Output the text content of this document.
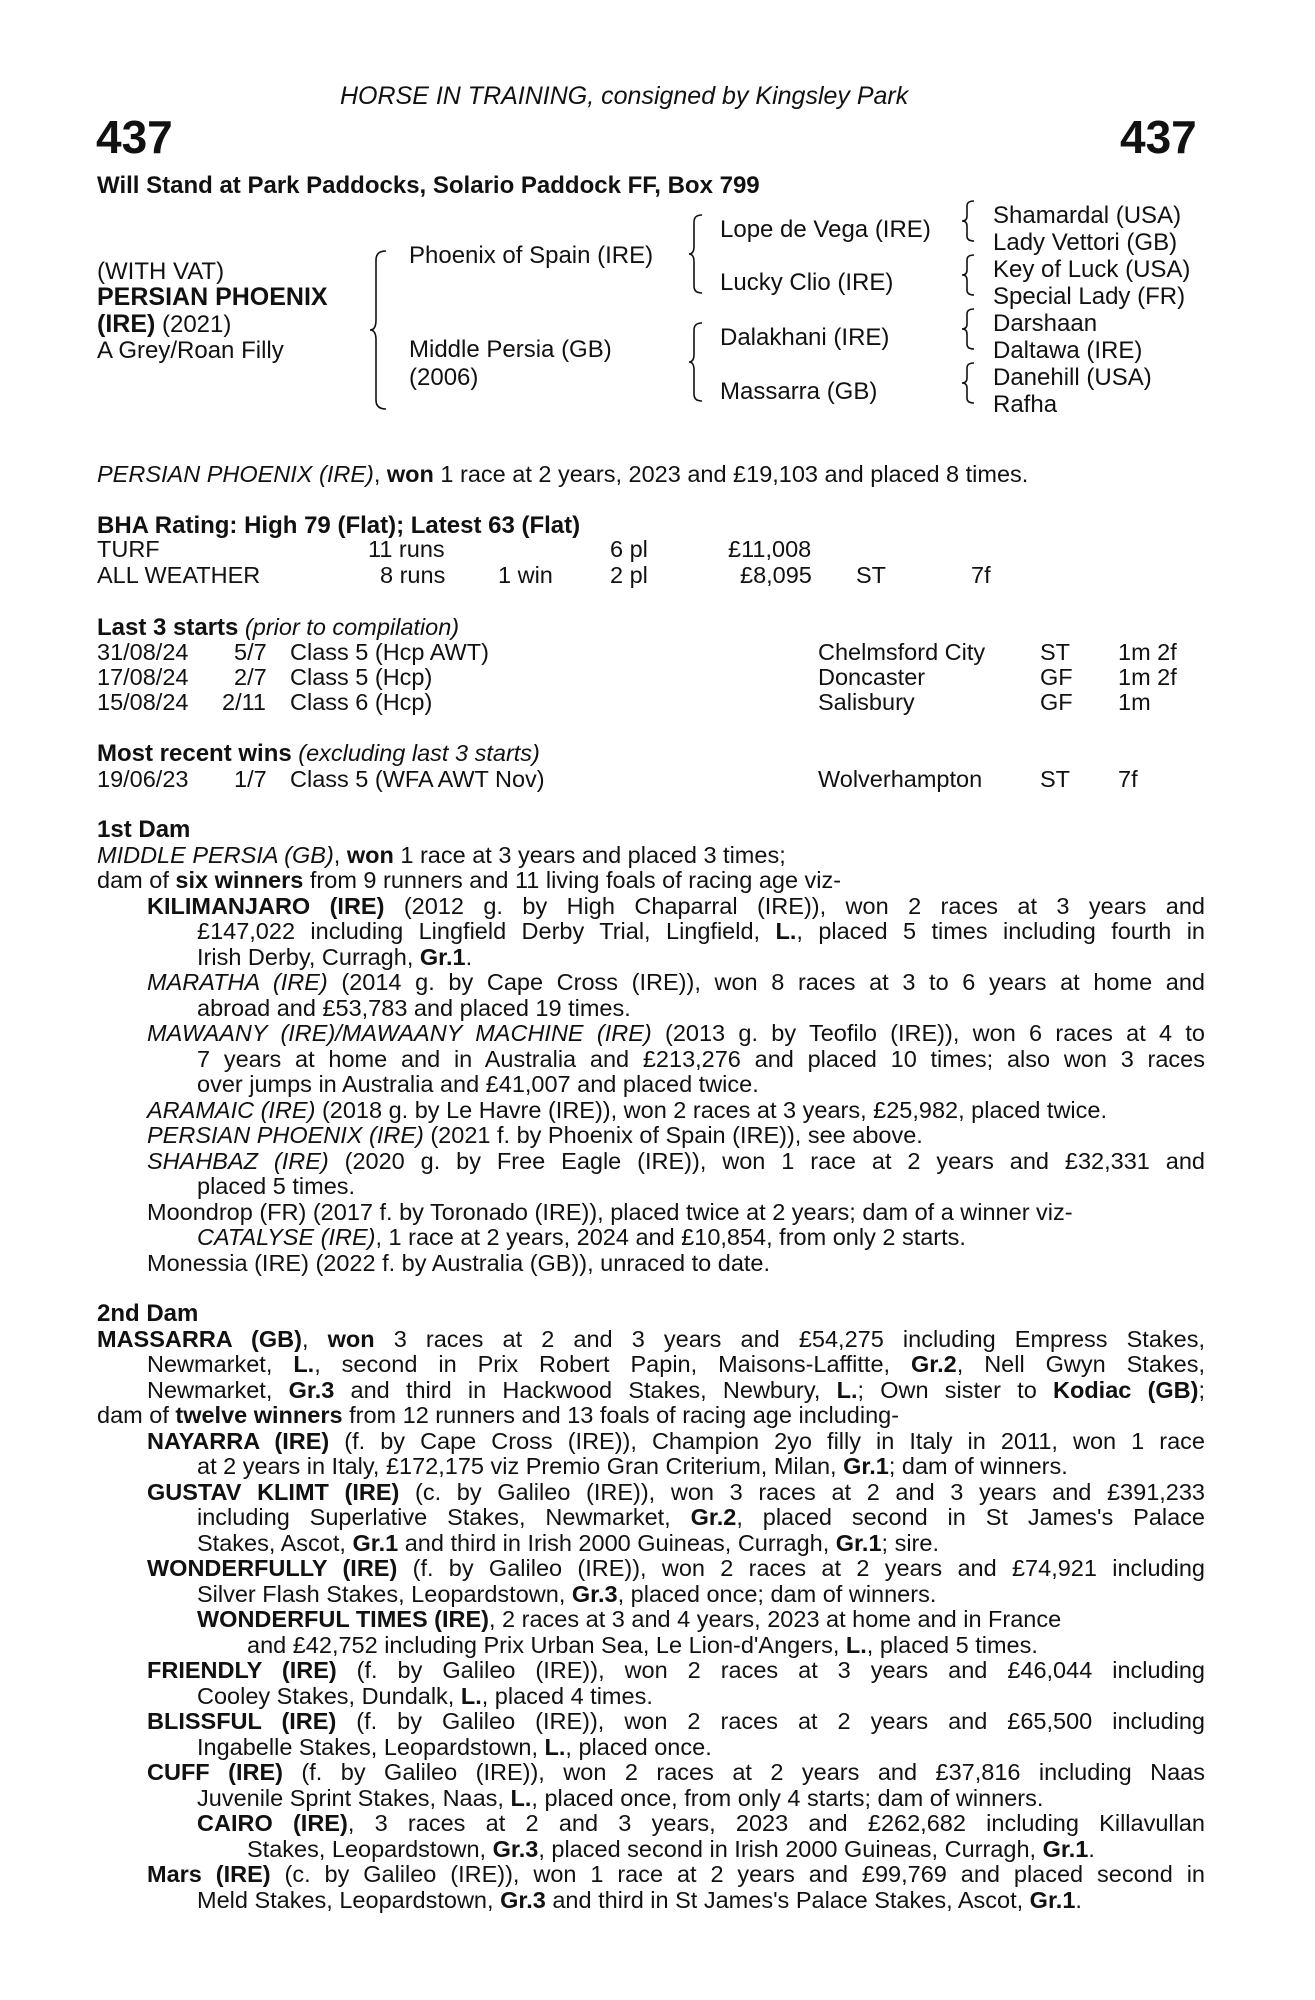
HORSE IN TRAINING, consigned by Kingsley Park
437	437
Will Stand at Park Paddocks, Solario Paddock FF, Box 799
(WITH VAT)
PERSIAN PHOENIX
(IRE) (2021)
A Grey/Roan Filly
Phoenix of Spain (IRE)
Middle Persia (GB)
(2006)
Lope de Vega (IRE)
Lucky Clio (IRE)
Dalakhani (IRE)
Massarra (GB)
Shamardal (USA)
Lady Vettori (GB)
Key of Luck (USA)
Special Lady (FR)
Darshaan
Daltawa (IRE)
Danehill (USA)
Rafha
PERSIAN PHOENIX (IRE), won 1 race at 2 years, 2023 and £19,103 and placed 8 times.
BHA Rating: High 79 (Flat); Latest 63 (Flat)
TURF	11 runs	6 pl	£11,008
ALL WEATHER	8 runs 1 win 2 pl	£8,095 ST	7f
Last 3 starts (prior to compilation)
31/08/24 5/7 Class 5 (Hcp AWT)	Chelmsford City ST 1m 2f
17/08/24 2/7 Class 5 (Hcp)	Doncaster	GF 1m 2f
15/08/24 2/11 Class 6 (Hcp)	Salisbury	GF 1m
Most recent wins (excluding last 3 starts)
19/06/23 1/7 Class 5 (WFA AWT Nov)	Wolverhampton ST 7f
1st Dam
MIDDLE PERSIA (GB), won 1 race at 3 years and placed 3 times;
dam of six winners from 9 runners and 11 living foals of racing age viz-
KILIMANJARO (IRE) (2012 g. by High Chaparral (IRE)), won 2 races at 3 years and
£147,022 including Lingfield Derby Trial, Lingfield, L., placed 5 times including fourth in
Irish Derby, Curragh, Gr.1.
MARATHA (IRE) (2014 g. by Cape Cross (IRE)), won 8 races at 3 to 6 years at home and
abroad and £53,783 and placed 19 times.
MAWAANY (IRE)/MAWAANY MACHINE (IRE) (2013 g. by Teofilo (IRE)), won 6 races at 4 to
7 years at home and in Australia and £213,276 and placed 10 times; also won 3 races
over jumps in Australia and £41,007 and placed twice.
ARAMAIC (IRE) (2018 g. by Le Havre (IRE)), won 2 races at 3 years, £25,982, placed twice.
PERSIAN PHOENIX (IRE) (2021 f. by Phoenix of Spain (IRE)), see above.
SHAHBAZ (IRE) (2020 g. by Free Eagle (IRE)), won 1 race at 2 years and £32,331 and
placed 5 times.
Moondrop (FR) (2017 f. by Toronado (IRE)), placed twice at 2 years; dam of a winner viz-
CATALYSE (IRE), 1 race at 2 years, 2024 and £10,854, from only 2 starts.
Monessia (IRE) (2022 f. by Australia (GB)), unraced to date.
2nd Dam
MASSARRA (GB), won 3 races at 2 and 3 years and £54,275 including Empress Stakes,
Newmarket, L., second in Prix Robert Papin, Maisons-Laffitte, Gr.2, Nell Gwyn Stakes,
Newmarket, Gr.3 and third in Hackwood Stakes, Newbury, L.; Own sister to Kodiac (GB);
dam of twelve winners from 12 runners and 13 foals of racing age including-
NAYARRA (IRE) (f. by Cape Cross (IRE)), Champion 2yo filly in Italy in 2011, won 1 race
at 2 years in Italy, £172,175 viz Premio Gran Criterium, Milan, Gr.1; dam of winners.
GUSTAV KLIMT (IRE) (c. by Galileo (IRE)), won 3 races at 2 and 3 years and £391,233
including Superlative Stakes, Newmarket, Gr.2, placed second in St James's Palace
Stakes, Ascot, Gr.1 and third in Irish 2000 Guineas, Curragh, Gr.1; sire.
WONDERFULLY (IRE) (f. by Galileo (IRE)), won 2 races at 2 years and £74,921 including
Silver Flash Stakes, Leopardstown, Gr.3, placed once; dam of winners.
WONDERFUL TIMES (IRE), 2 races at 3 and 4 years, 2023 at home and in France
and £42,752 including Prix Urban Sea, Le Lion-d'Angers, L., placed 5 times.
FRIENDLY (IRE) (f. by Galileo (IRE)), won 2 races at 3 years and £46,044 including
Cooley Stakes, Dundalk, L., placed 4 times.
BLISSFUL (IRE) (f. by Galileo (IRE)), won 2 races at 2 years and £65,500 including
Ingabelle Stakes, Leopardstown, L., placed once.
CUFF (IRE) (f. by Galileo (IRE)), won 2 races at 2 years and £37,816 including Naas
Juvenile Sprint Stakes, Naas, L., placed once, from only 4 starts; dam of winners.
CAIRO (IRE), 3 races at 2 and 3 years, 2023 and £262,682 including Killavullan
Stakes, Leopardstown, Gr.3, placed second in Irish 2000 Guineas, Curragh, Gr.1.
Mars (IRE) (c. by Galileo (IRE)), won 1 race at 2 years and £99,769 and placed second in
Meld Stakes, Leopardstown, Gr.3 and third in St James's Palace Stakes, Ascot, Gr.1.
